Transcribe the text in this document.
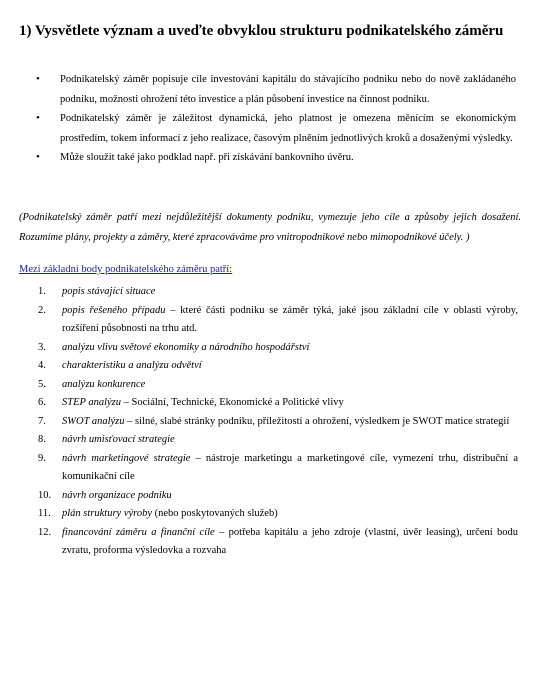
1) Vysvětlete význam a uveďte obvyklou strukturu podnikatelského záměru
• Podnikatelský záměr popisuje cíle investování kapitálu do stávajícího podniku nebo do nově zakládaného podniku, možnosti ohrožení této investice a plán působení investice na činnost podniku.
• Podnikatelský záměr je záležitost dynamická, jeho platnost je omezena měnícím se ekonomickým prostředím, tokem informací z jeho realizace, časovým plněním jednotlivých kroků a dosaženými výsledky.
• Může sloužit také jako podklad např. při získávání bankovního úvěru.
(Podnikatelský záměr patří mezi nejdůležitější dokumenty podniku, vymezuje jeho cíle a způsoby jejich dosažení. Rozumíme plány, projekty a záměry, které zpracováváme pro vnitropodnikové nebo mimopodnikové účely. )
Mezi základní body podnikatelského záměru patří:
1. popis stávající situace
2. popis řešeného případu – které části podniku se záměr týká, jaké jsou základní cíle v oblasti výroby, rozšíření působnosti na trhu atd.
3. analýzu vlivu světové ekonomiky a národního hospodářství
4. charakteristiku a analýzu odvětví
5. analýzu konkurence
6. STEP analýzu – Sociální, Technické, Ekonomické a Politické vlivy
7. SWOT analýzu – silné, slabé stránky podniku, příležitosti a ohrožení, výsledkem je SWOT matice strategií
8. návrh umisťovací strategie
9. návrh marketingové strategie – nástroje marketingu a marketingové cíle, vymezení trhu, distribuční a komunikační cíle
10. návrh organizace podniku
11. plán struktury výroby (nebo poskytovaných služeb)
12. financování záměru a finanční cíle – potřeba kapitálu a jeho zdroje (vlastní, úvěr leasing), určení bodu zvratu, proforma výsledovka a rozvaha
